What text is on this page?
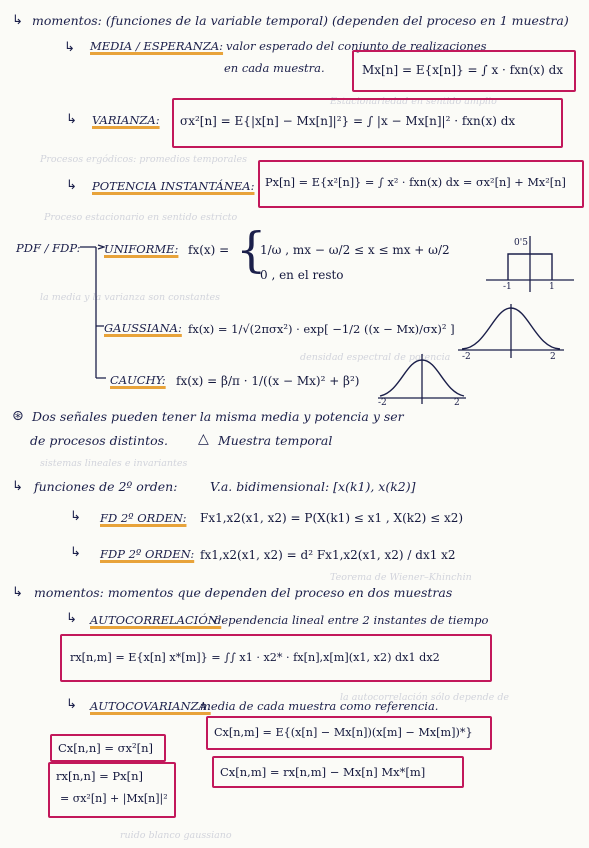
Estacionariedad en sentido amplio
Procesos ergódicos: promedios temporales
Proceso estacionario en sentido estricto
la media y la varianza son constantes
densidad espectral de potencia
sistemas lineales e invariantes
Teorema de Wiener–Khinchin
la autocorrelación sólo depende de
ruido blanco gaussiano
↳ momentos: (funciones de la variable temporal) (dependen del proceso en 1 muestra)
↳ MEDIA / ESPERANZA: valor esperado del conjunto de realizaciones
en cada muestra.	Mx[n] = E{x[n]} = ∫ x · fxn(x) dx
↳ VARIANZA: σx²[n] = E{|x[n] − Mx[n]|²} = ∫ |x − Mx[n]|² · fxn(x) dx
↳ POTENCIA INSTANTÁNEA: Px[n] = E{x²[n]} = ∫ x² · fxn(x) dx = σx²[n] + Mx²[n]
PDF / FDP: UNIFORME: fx(x) = {
1/ω , mx − ω/2 ≤ x ≤ mx + ω/2
0 , en el resto
0'5
-1	1
GAUSSIANA: fx(x) = 1/√(2πσx²) · exp[ −1/2 ((x − Mx)/σx)² ]
-2	2
CAUCHY: fx(x) = β/π · 1/((x − Mx)² + β²)
-2	2
⊛ Dos señales pueden tener la misma media y potencia y ser
de procesos distintos. △ Muestra temporal
↳ funciones de 2º orden:	V.a. bidimensional: [x(k1), x(k2)]
↳ FD 2º ORDEN: Fx1,x2(x1, x2) = P(X(k1) ≤ x1 , X(k2) ≤ x2)
↳ FDP 2º ORDEN: fx1,x2(x1, x2) = d² Fx1,x2(x1, x2) / dx1 x2
↳ momentos: momentos que dependen del proceso en dos muestras
↳ AUTOCORRELACIÓN:
dependencia lineal entre 2 instantes de tiempo
rx[n,m] = E{x[n] x*[m]} = ∫∫ x1 · x2* · fx[n],x[m](x1, x2) dx1 dx2
↳ AUTOCOVARIANZA:
media de cada muestra como referencia.
Cx[n,m] = E{(x[n] − Mx[n])(x[m] − Mx[m])*}
Cx[n,m] = rx[n,m] − Mx[n] Mx*[m]
Cx[n,n] = σx²[n]
rx[n,n] = Px[n]
= σx²[n] + |Mx[n]|²
